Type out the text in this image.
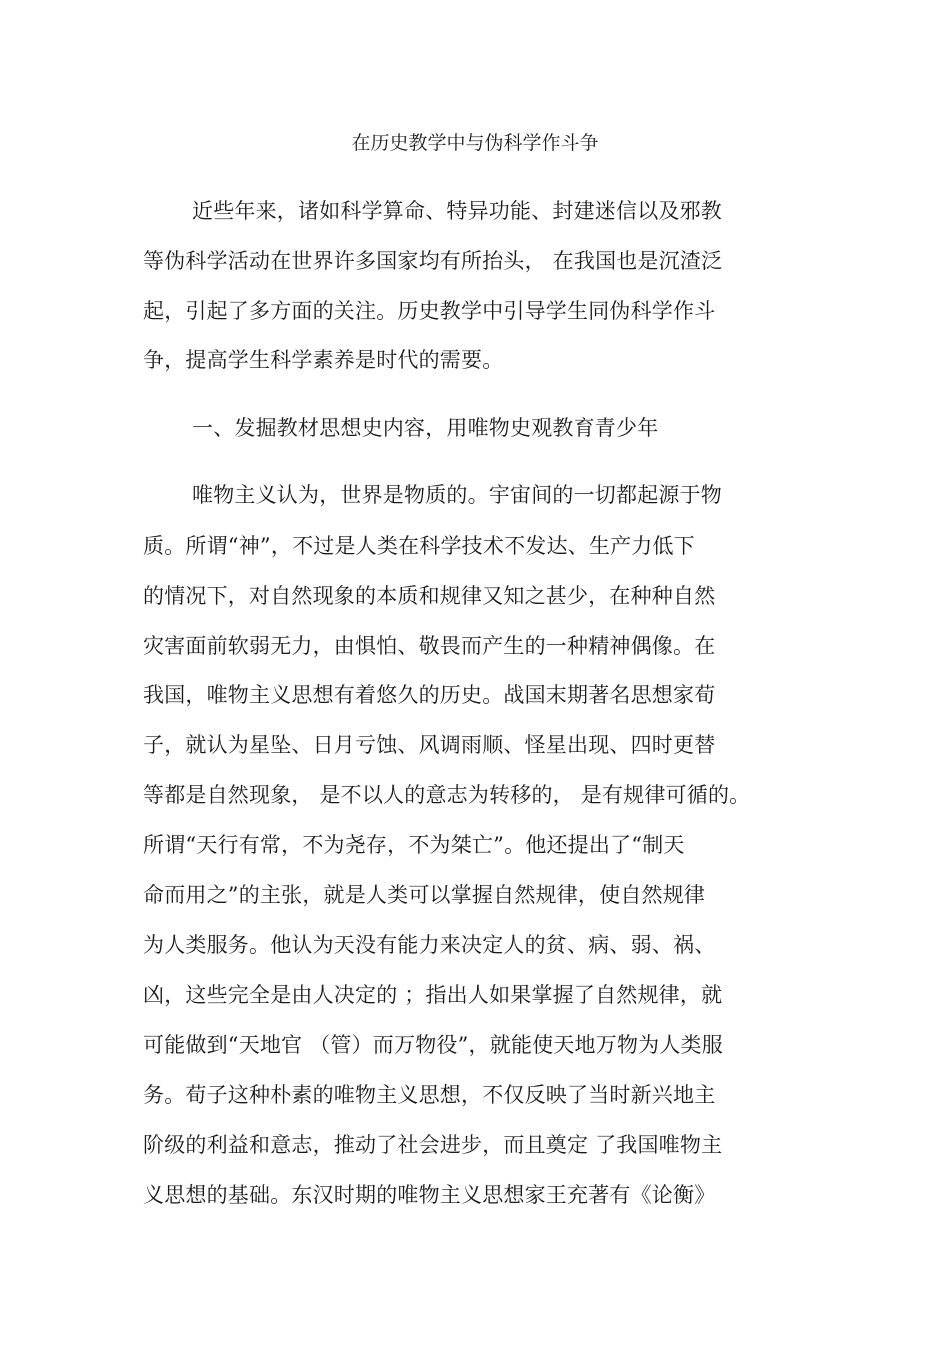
在历史教学中与伪科学作斗争
近些年来，诸如科学算命、特异功能、封建迷信以及邪教
等伪科学活动在世界许多国家均有所抬头， 在我国也是沉渣泛
起，引起了多方面的关注。历史教学中引导学生同伪科学作斗
争，提高学生科学素养是时代的需要。
一、发掘教材思想史内容，用唯物史观教育青少年
唯物主义认为，世界是物质的。宇宙间的一切都起源于物
质。所谓“神”，不过是人类在科学技术不发达、生产力低下
的情况下，对自然现象的本质和规律又知之甚少，在种种自然
灾害面前软弱无力，由惧怕、敬畏而产生的一种精神偶像。在
我国，唯物主义思想有着悠久的历史。战国末期著名思想家荀
子，就认为星坠、日月亏蚀、风调雨顺、怪星出现、四时更替
等都是自然现象， 是不以人的意志为转移的， 是有规律可循的。
所谓“天行有常，不为尧存，不为桀亡”。他还提出了“制天
命而用之”的主张，就是人类可以掌握自然规律，使自然规律
为人类服务。他认为天没有能力来决定人的贫、病、弱、祸、
凶，这些完全是由人决定的 ；指出人如果掌握了自然规律，就
可能做到“天地官 （管）而万物役”，就能使天地万物为人类服
务。荀子这种朴素的唯物主义思想，不仅反映了当时新兴地主
阶级的利益和意志，推动了社会进步，而且奠定 了我国唯物主
义思想的基础。东汉时期的唯物主义思想家王充著有《论衡》
